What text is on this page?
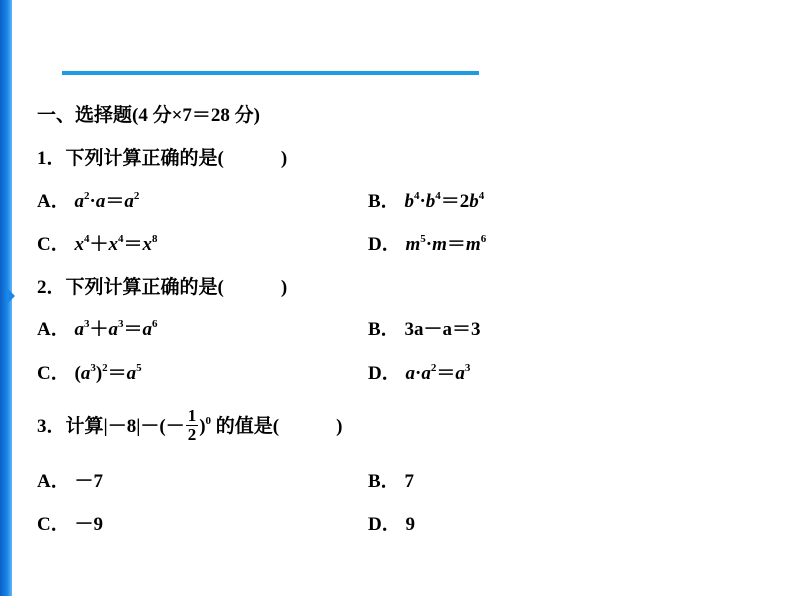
一、选择题(4 分×7＝28 分)
1．下列计算正确的是(　　　)
A． $a^2\cdot a=a^2$	B． $b^4\cdot b^4=2b^4$
C． $x^4+x^4=x^8$	D． $m^5\cdot m=m^6$
2．下列计算正确的是(　　　)
A． $a^3+a^3=a^6$	B． 3a－a＝3
C． $(a^3)^2=a^5$	D． $a\cdot a^2=a^3$
3．计算$|-8|-(- \frac{1}{2} )^0$ 的值是(　　　)
A． －7	B． 7
C． －9	D． 9
